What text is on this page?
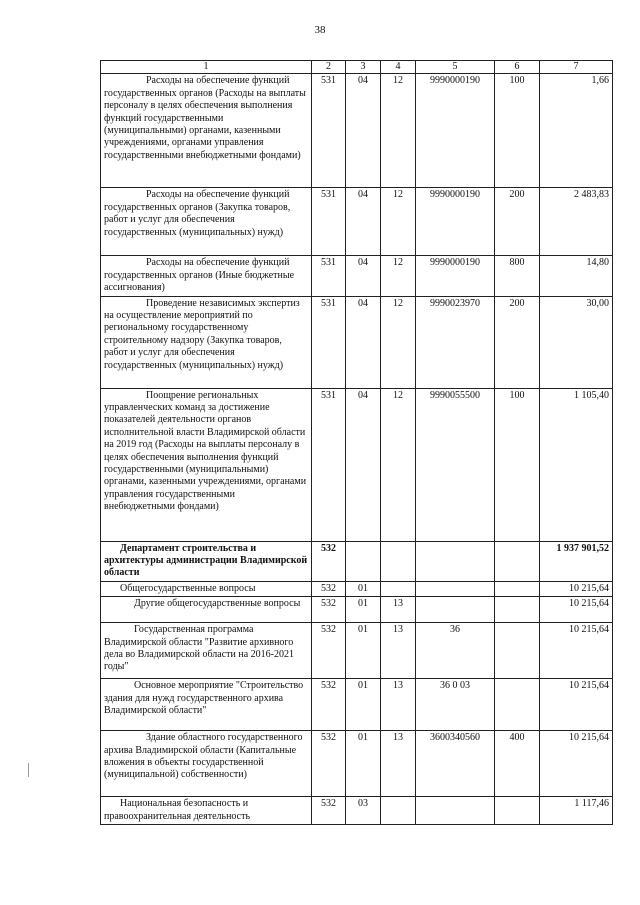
38
1	2	3	4	5	6	7
Расходы на обеспечение функций государственных органов (Расходы на выплаты персоналу в целях обеспечения выполнения функций государственными (муниципальными) органами, казенными учреждениями, органами управления государственными внебюджетными фондами)	531	04	12	9990000190	100	1,66
Расходы на обеспечение функций государственных органов (Закупка товаров, работ и услуг для обеспечения государственных (муниципальных) нужд)	531	04	12	9990000190	200	2 483,83
Расходы на обеспечение функций государственных органов (Иные бюджетные ассигнования)	531	04	12	9990000190	800	14,80
Проведение независимых экспертиз на осуществление мероприятий по региональному государственному строительному надзору (Закупка товаров, работ и услуг для обеспечения государственных (муниципальных) нужд)	531	04	12	9990023970	200	30,00
Поощрение региональных управленческих команд за достижение показателей деятельности органов исполнительной власти Владимирской области на 2019 год (Расходы на выплаты персоналу в целях обеспечения выполнения функций государственными (муниципальными) органами, казенными учреждениями, органами управления государственными внебюджетными фондами)	531	04	12	9990055500	100	1 105,40
Департамент строительства и архитектуры администрации Владимирской области	532					1 937 901,52
Общегосударственные вопросы	532	01				10 215,64
Другие общегосударственные вопросы	532	01	13			10 215,64
Государственная программа Владимирской области "Развитие архивного дела во Владимирской области на 2016-2021 годы"	532	01	13	36		10 215,64
Основное мероприятие "Строительство здания для нужд государственного архива Владимирской области"	532	01	13	36 0 03		10 215,64
Здание областного государственного архива Владимирской области (Капитальные вложения в объекты государственной (муниципальной) собственности)	532	01	13	3600340560	400	10 215,64
Национальная безопасность и правоохранительная деятельность	532	03				1 117,46
